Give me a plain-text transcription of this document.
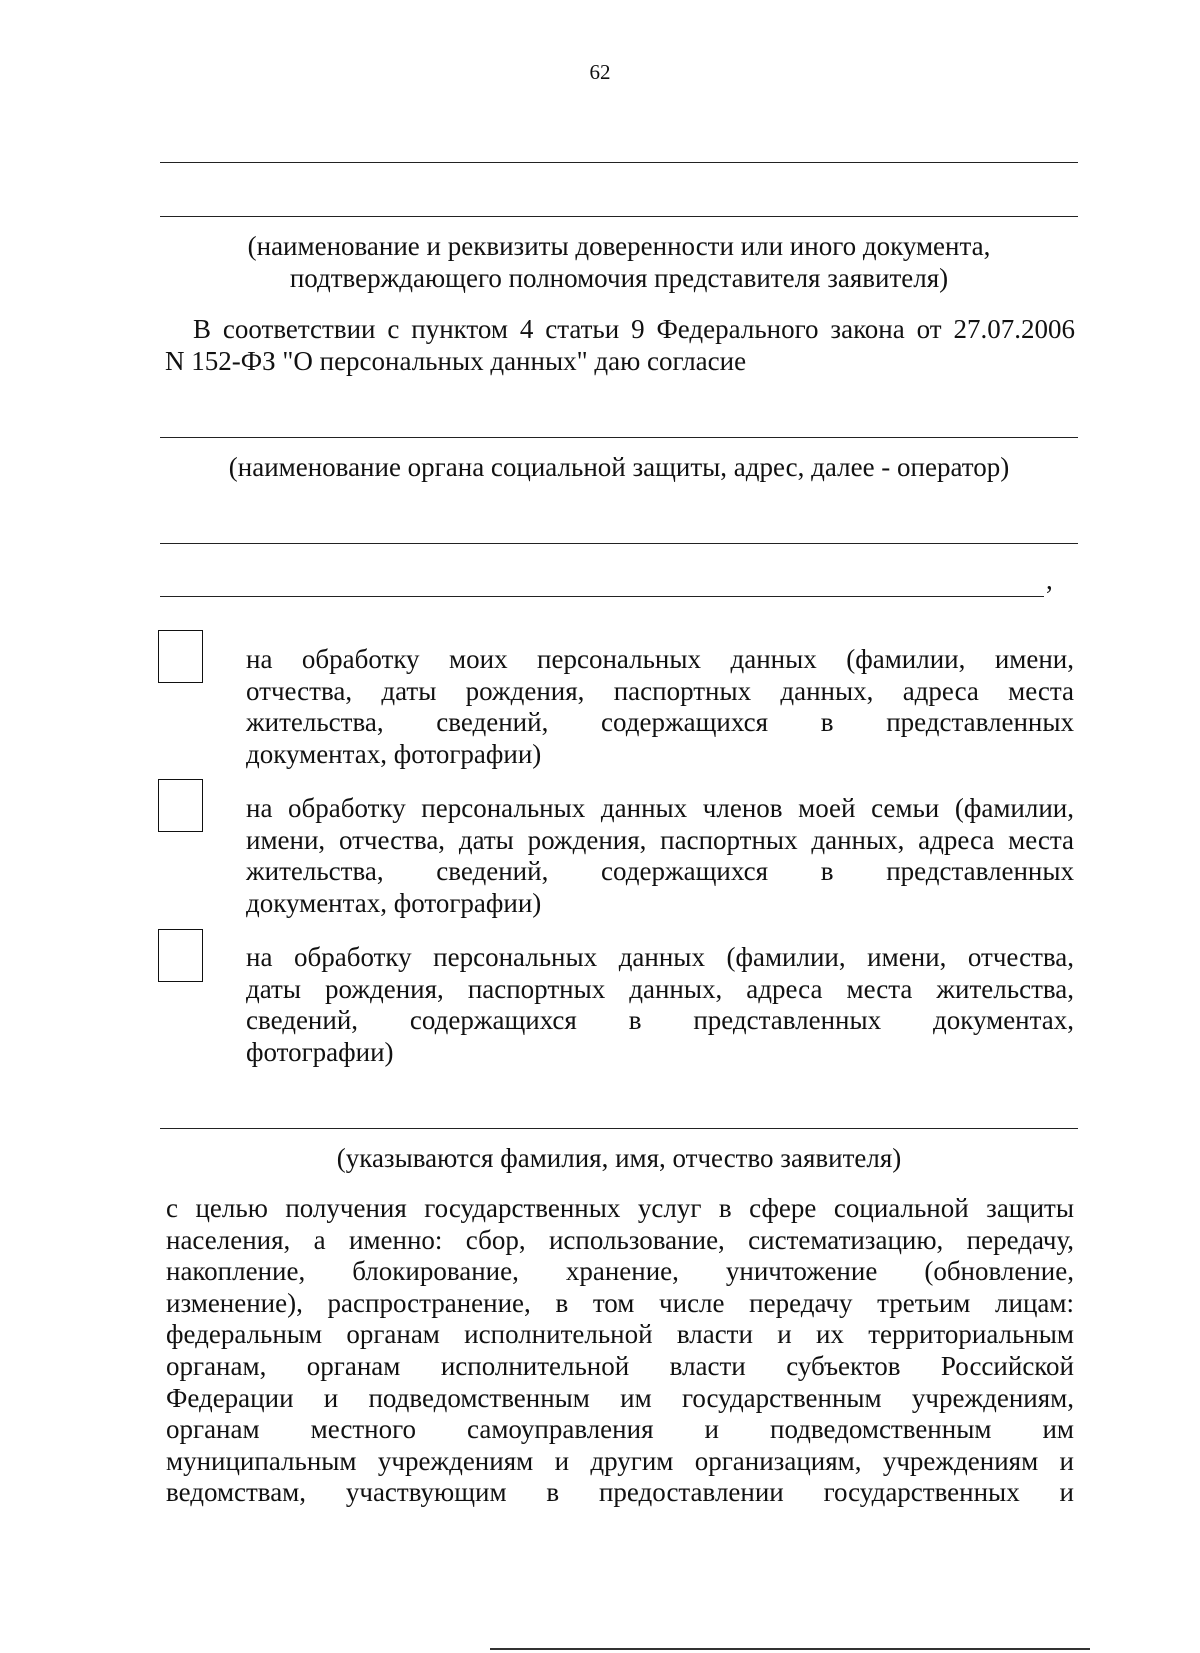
62
(наименование и реквизиты доверенности или иного документа,
подтверждающего полномочия представителя заявителя)
В соответствии с пунктом 4 статьи 9 Федерального закона от 27.07.2006
N 152-ФЗ "О персональных данных" даю согласие
(наименование органа социальной защиты, адрес, далее - оператор)
,
на обработку моих персональных данных (фамилии, имени,
отчества, даты рождения, паспортных данных, адреса места
жительства, сведений, содержащихся в представленных
документах, фотографии)
на обработку персональных данных членов моей семьи (фамилии,
имени, отчества, даты рождения, паспортных данных, адреса места
жительства, сведений, содержащихся в представленных
документах, фотографии)
на обработку персональных данных (фамилии, имени, отчества,
даты рождения, паспортных данных, адреса места жительства,
сведений, содержащихся в представленных документах,
фотографии)
(указываются фамилия, имя, отчество заявителя)
с целью получения государственных услуг в сфере социальной защиты
населения, а именно: сбор, использование, систематизацию, передачу,
накопление, блокирование, хранение, уничтожение (обновление,
изменение), распространение, в том числе передачу третьим лицам:
федеральным органам исполнительной власти и их территориальным
органам, органам исполнительной власти субъектов Российской
Федерации и подведомственным им государственным учреждениям,
органам местного самоуправления и подведомственным им
муниципальным учреждениям и другим организациям, учреждениям и
ведомствам, участвующим в предоставлении государственных и
